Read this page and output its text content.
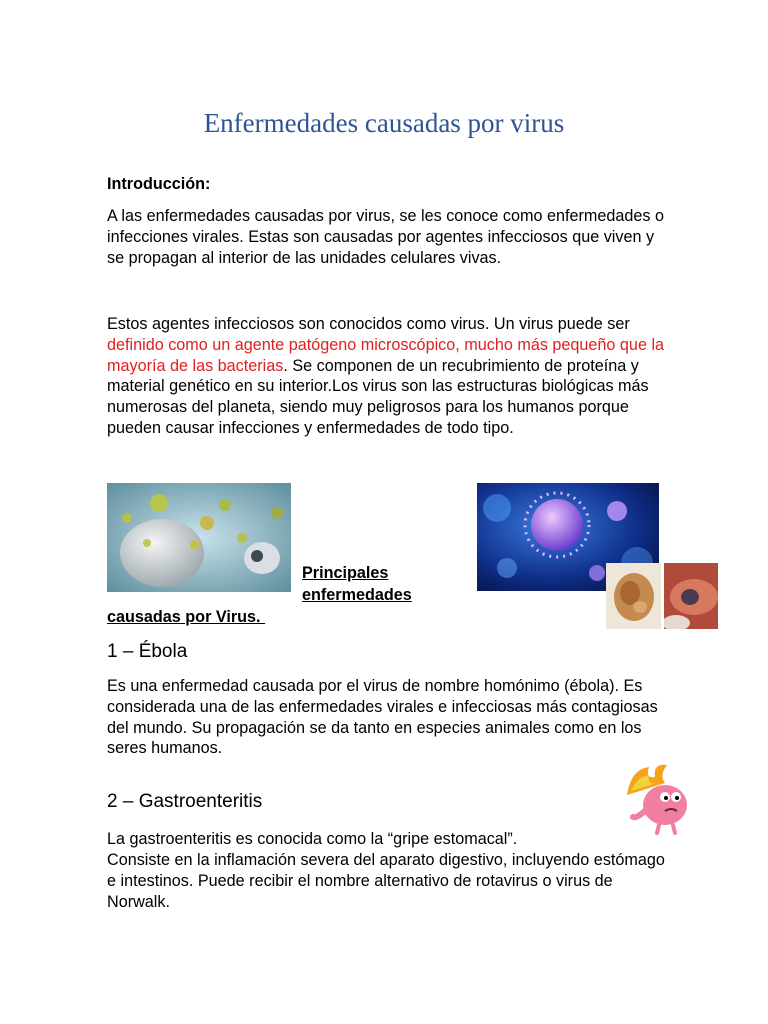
Enfermedades causadas por virus

Introducción:

A las enfermedades causadas por virus, se les conoce como enfermedades o infecciones virales. Estas son causadas por agentes infecciosos que viven y se propagan al interior de las unidades celulares vivas.

Estos agentes infecciosos son conocidos como virus. Un virus puede ser definido como un agente patógeno microscópico, mucho más pequeño que la mayoría de las bacterias. Se componen de un recubrimiento de proteína y material genético en su interior.Los virus son las estructuras biológicas más numerosas del planeta, siendo muy peligrosos para los humanos porque pueden causar infecciones y enfermedades de todo tipo.

Principales

enfermedades

causadas por Virus.

1 – Ébola

Es una enfermedad causada por el virus de nombre homónimo (ébola). Es considerada una de las enfermedades virales e infecciosas más contagiosas del mundo. Su propagación se da tanto en especies animales como en los seres humanos.

2 – Gastroenteritis

La gastroenteritis es conocida como la “gripe estomacal”.

Consiste en la inflamación severa del aparato digestivo, incluyendo estómago e intestinos. Puede recibir el nombre alternativo de rotavirus o virus de Norwalk.
